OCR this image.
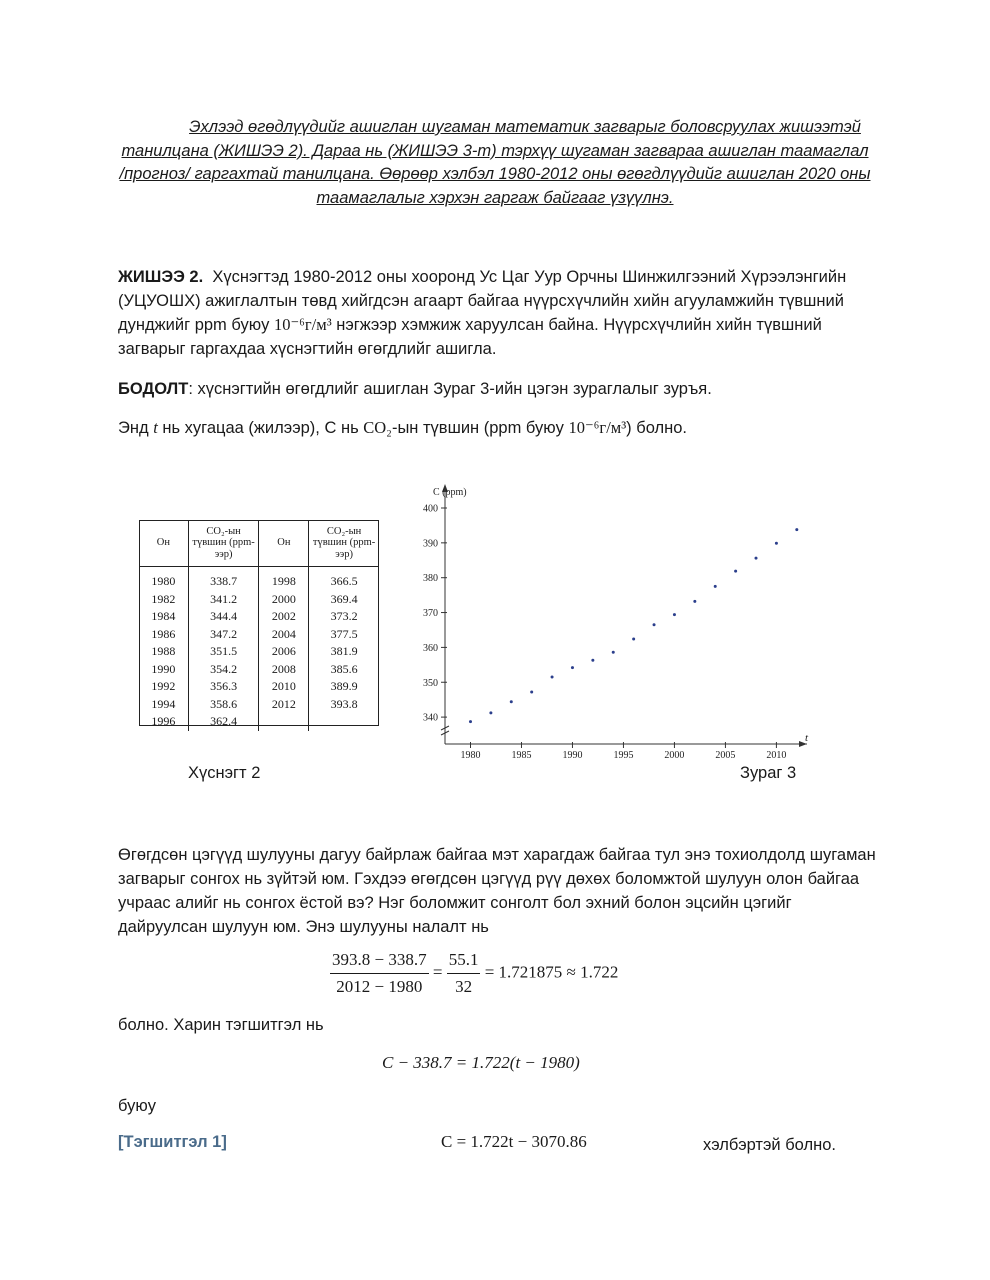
Эхлээд өгөдлүүдийг ашиглан шугаман математик загварыг боловсруулах жишээтэй танилцана (ЖИШЭЭ 2). Дараа нь (ЖИШЭЭ 3-т) тэрхүү шугаман загвараа ашиглан таамаглал /прогноз/ гаргахтай танилцана. Өөрөөр хэлбэл 1980-2012 оны өгөгдлүүдийг ашиглан 2020 оны таамаглалыг хэрхэн гаргаж байгааг үзүүлнэ.
ЖИШЭЭ 2. Хүснэгтэд 1980-2012 оны хооронд Ус Цаг Уур Орчны Шинжилгээний Хүрээлэнгийн (УЦУОШХ) ажиглалтын төвд хийгдсэн агаарт байгаа нүүрсхүчлийн хийн агууламжийн түвшний дунджийг ppm буюу 10⁻⁶г/м³ нэгжээр хэмжиж харуулсан байна. Нүүрсхүчлийн хийн түвшний загварыг гаргахдаа хүснэгтийн өгөгдлийг ашигла.
БОДОЛТ: хүснэгтийн өгөгдлийг ашиглан Зураг 3-ийн цэгэн зураглалыг зуръя.
Энд t нь хугацаа (жилээр), C нь CO₂-ын түвшин (ppm буюу 10⁻⁶г/м³) болно.
Он	CO₂-ын түвшин (ppm-ээр)	Он	CO₂-ын түвшин (ppm-ээр)
1980	338.7	1998	366.5
1982	341.2	2000	369.4
1984	344.4	2002	373.2
1986	347.2	2004	377.5
1988	351.5	2006	381.9
1990	354.2	2008	385.6
1992	356.3	2010	389.9
1994	358.6	2012	393.8
1996	362.4		
Хүснэгт 2
340
350
360
370
380
390
400
1980	1985	1990	1995	2000	2005	2010
C (ppm)
t
Зураг 3
Өгөгдсөн цэгүүд шулууны дагуу байрлаж байгаа мэт харагдаж байгаа тул энэ тохиолдолд шугаман загварыг сонгох нь зүйтэй юм. Гэхдээ өгөгдсөн цэгүүд рүү дөхөх боломжтой шулуун олон байгаа учраас алийг нь сонгох ёстой вэ? Нэг боломжит сонголт бол эхний болон эцсийн цэгийг дайруулсан шулуун юм. Энэ шулууны налалт нь
$\frac{393.8 - 338.7}{2012 - 1980} = \frac{55.1}{32} = 1.721875 \approx 1.722$
болно. Харин тэгшитгэл нь
C − 338.7 = 1.722(t − 1980)
буюу
[Тэгшитгэл 1]	C = 1.722t − 3070.86	хэлбэртэй болно.
